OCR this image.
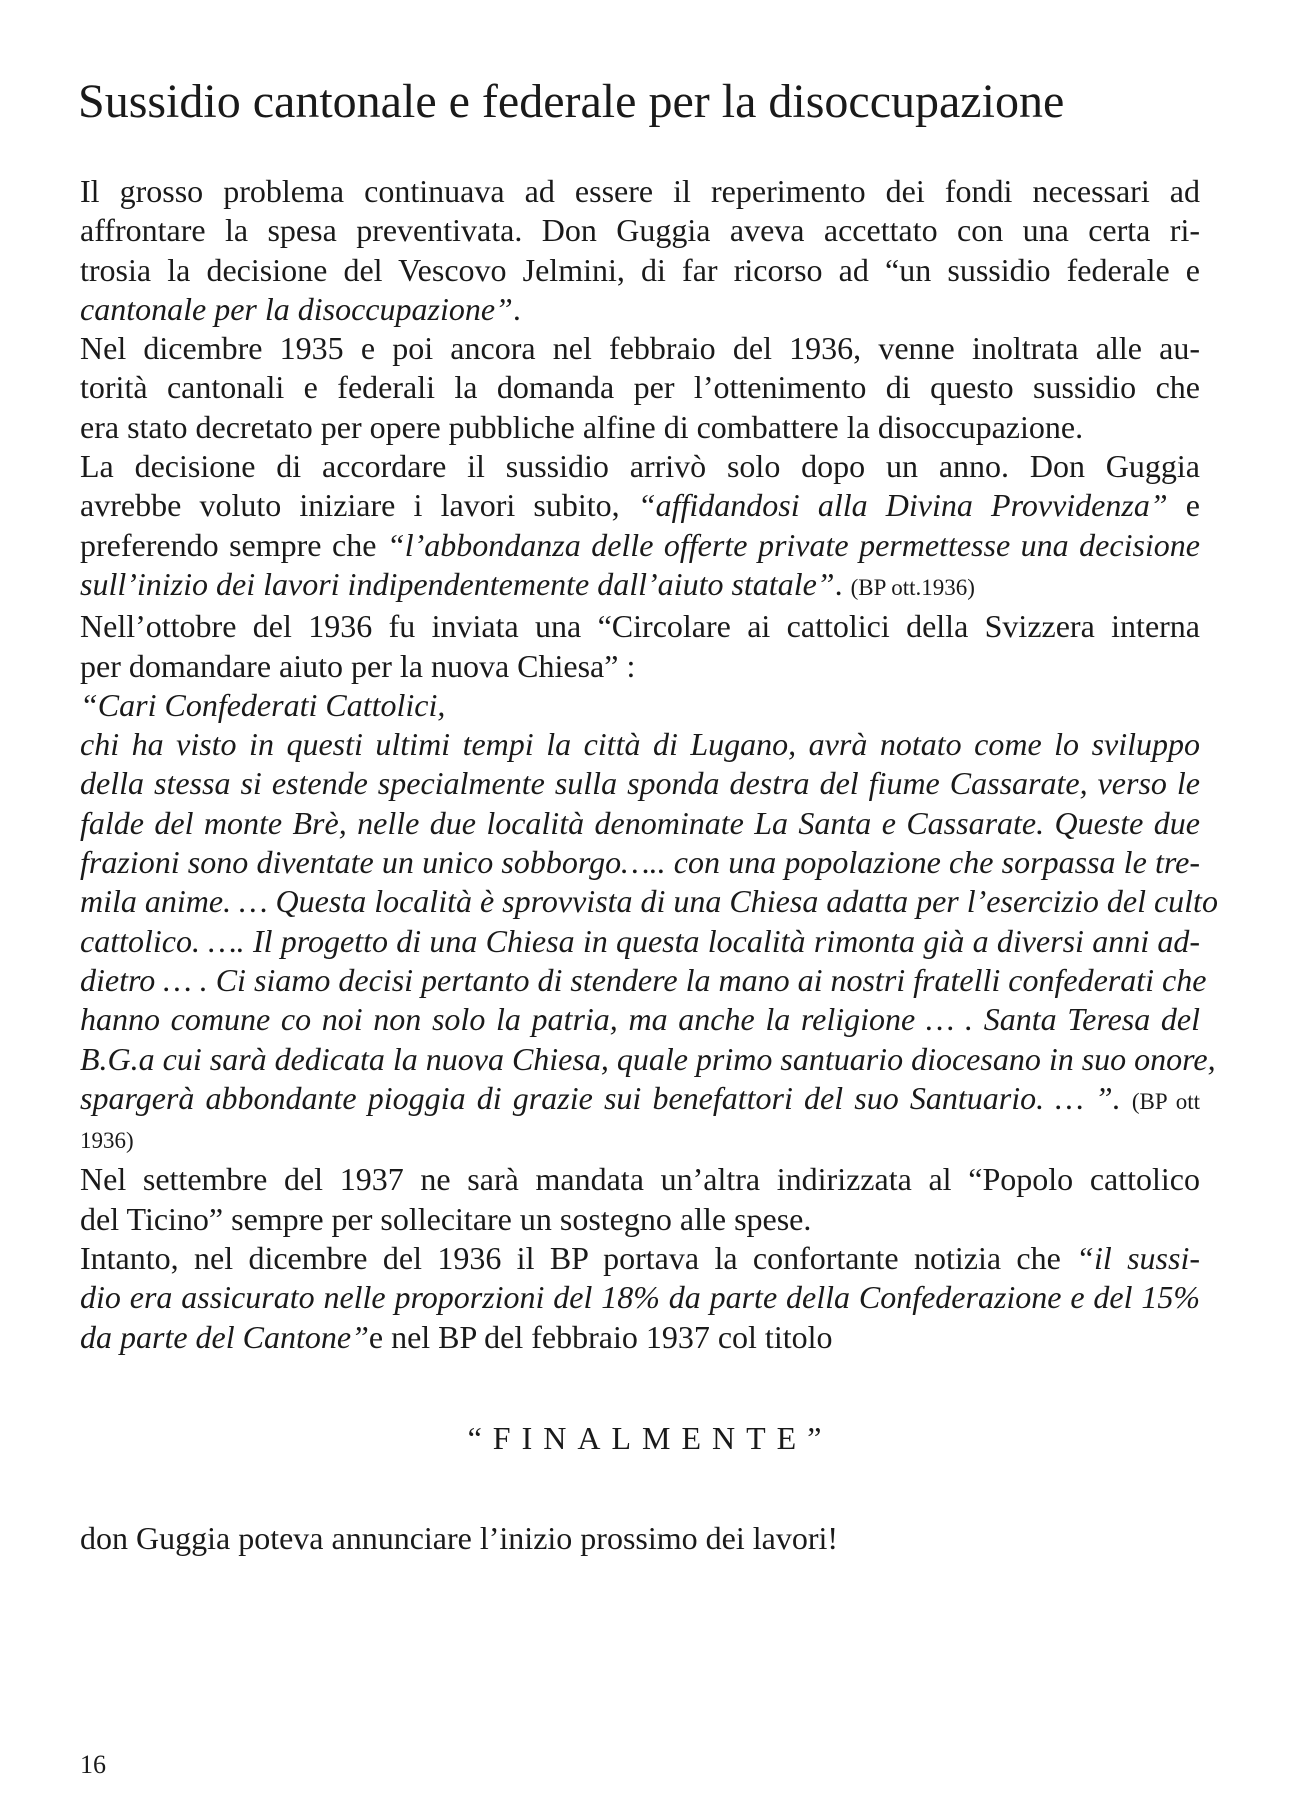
Sussidio cantonale e federale per la disoccupazione

Il grosso problema continuava ad essere il reperimento dei fondi necessari ad
affrontare la spesa preventivata. Don Guggia aveva accettato con una certa ri-
trosia la decisione del Vescovo Jelmini, di far ricorso ad “un sussidio federale e
cantonale per la disoccupazione”.

Nel dicembre 1935 e poi ancora nel febbraio del 1936, venne inoltrata alle au-
torità cantonali e federali la domanda per l’ottenimento di questo sussidio che
era stato decretato per opere pubbliche alfine di combattere la disoccupazione.

La decisione di accordare il sussidio arrivò solo dopo un anno. Don Guggia
avrebbe voluto iniziare i lavori subito, “affidandosi alla Divina Provvidenza” e
preferendo sempre che “l’abbondanza delle offerte private permettesse una decisione
sull’inizio dei lavori indipendentemente dall’aiuto statale”. (BP ott.1936)

Nell’ottobre del 1936 fu inviata una “Circolare ai cattolici della Svizzera interna
per domandare aiuto per la nuova Chiesa” :

“Cari Confederati Cattolici,
chi ha visto in questi ultimi tempi la città di Lugano, avrà notato come lo sviluppo
della stessa si estende specialmente sulla sponda destra del fiume Cassarate, verso le
falde del monte Brè, nelle due località denominate La Santa e Cassarate. Queste due
frazioni sono diventate un unico sobborgo….. con una popolazione che sorpassa le tre-
mila anime. … Questa località è sprovvista di una Chiesa adatta per l’esercizio del culto
cattolico. …. Il progetto di una Chiesa in questa località rimonta già a diversi anni ad-
dietro … . Ci siamo decisi pertanto di stendere la mano ai nostri fratelli confederati che
hanno comune co noi non solo la patria, ma anche la religione … . Santa Teresa del
B.G.a cui sarà dedicata la nuova Chiesa, quale primo santuario diocesano in suo onore,
spargerà abbondante pioggia di grazie sui benefattori del suo Santuario. … ”. (BP ott
1936)

Nel settembre del 1937 ne sarà mandata un’altra indirizzata al “Popolo cattolico
del Ticino” sempre per sollecitare un sostegno alle spese.

Intanto, nel dicembre del 1936 il BP portava la confortante notizia che “il sussi-
dio era assicurato nelle proporzioni del 18% da parte della Confederazione e del 15%
da parte del Cantone”e nel BP del febbraio 1937 col titolo

“FINALMENTE”
don Guggia poteva annunciare l’inizio prossimo dei lavori!
16
